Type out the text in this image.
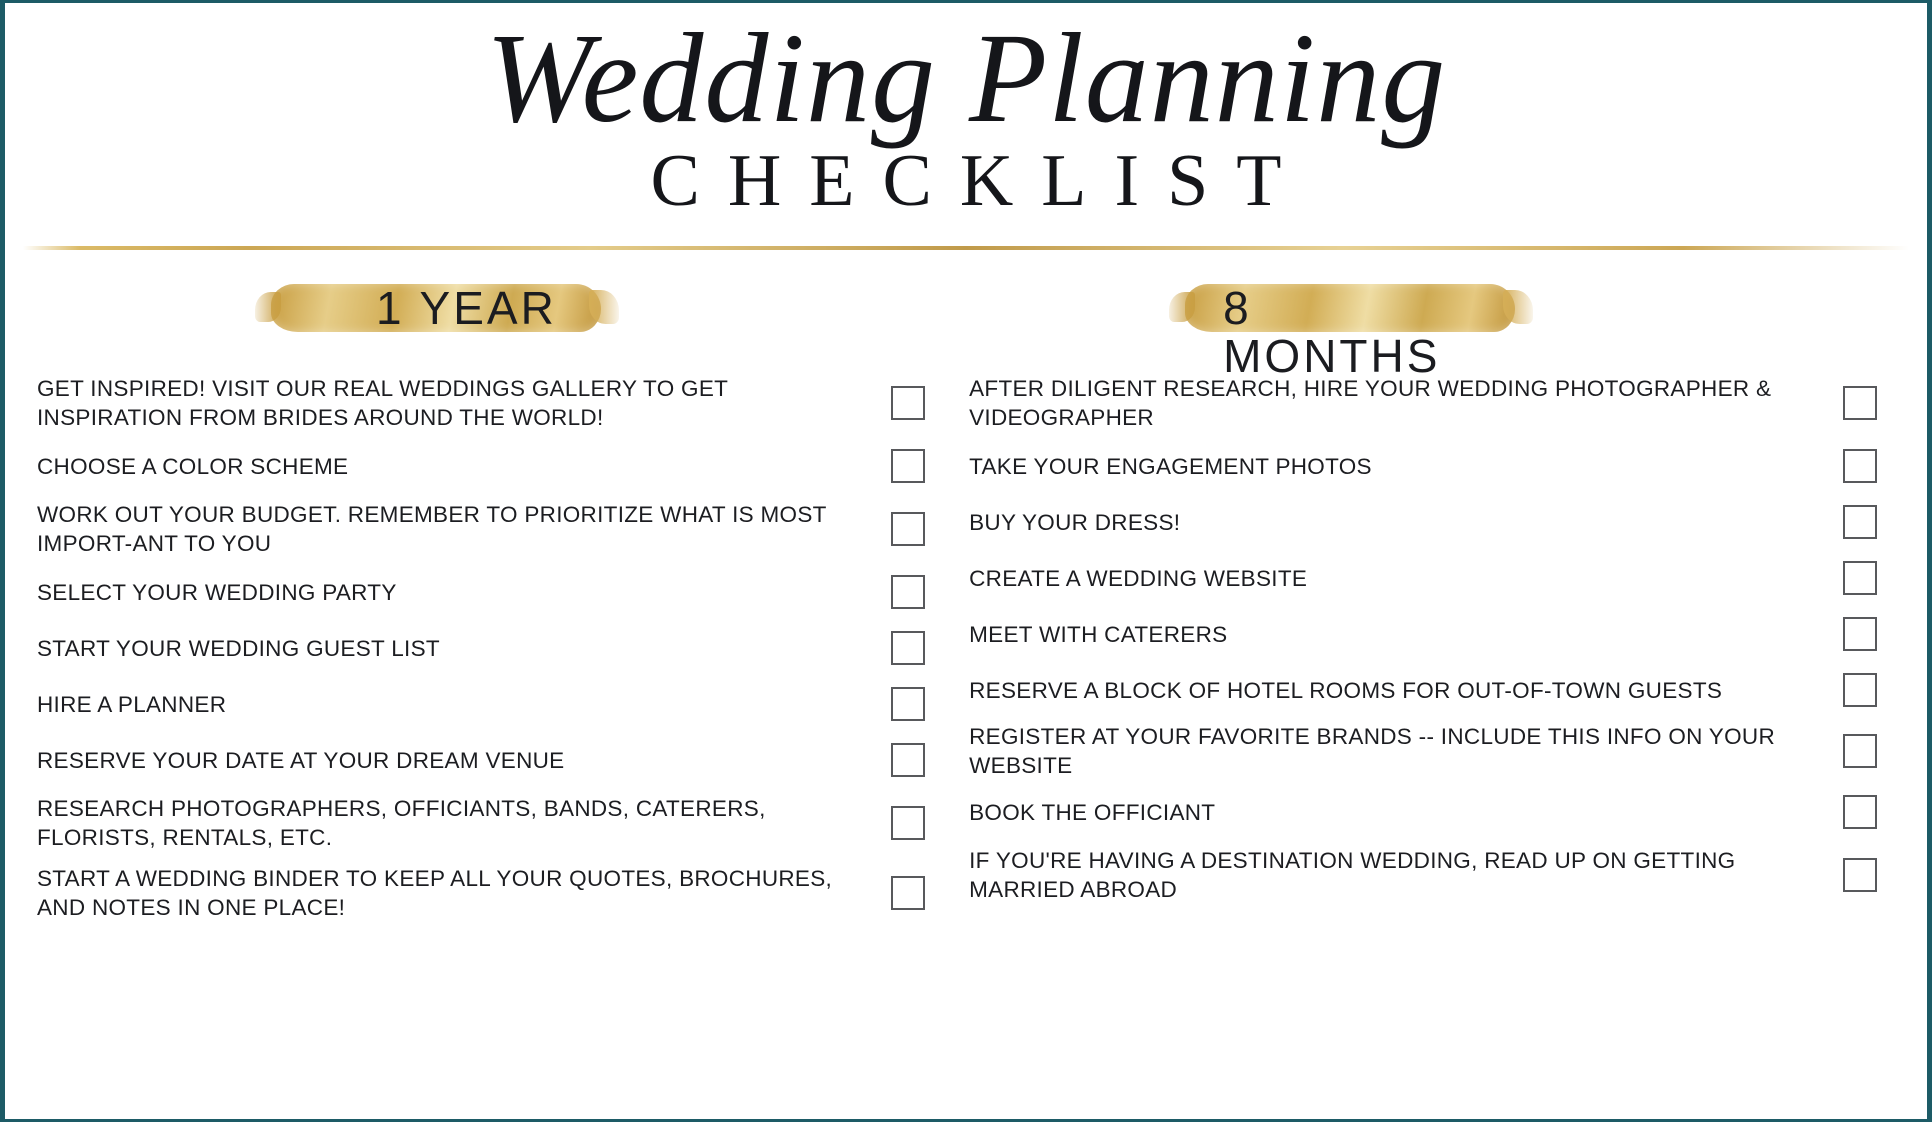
Wedding Planning
CHECKLIST
1 YEAR
GET INSPIRED! VISIT OUR REAL WEDDINGS GALLERY TO GET INSPIRATION FROM BRIDES AROUND THE WORLD!
CHOOSE A COLOR SCHEME
WORK OUT YOUR BUDGET. REMEMBER TO PRIORITIZE WHAT IS MOST IMPORT-ANT TO YOU
SELECT YOUR WEDDING PARTY
START YOUR WEDDING GUEST LIST
HIRE A PLANNER
RESERVE YOUR DATE AT YOUR DREAM VENUE
RESEARCH PHOTOGRAPHERS, OFFICIANTS, BANDS, CATERERS, FLORISTS, RENTALS, ETC.
START A WEDDING BINDER TO KEEP ALL YOUR QUOTES, BROCHURES, AND NOTES IN ONE PLACE!
8 MONTHS
AFTER DILIGENT RESEARCH, HIRE YOUR WEDDING PHOTOGRAPHER & VIDEOGRAPHER
TAKE YOUR ENGAGEMENT PHOTOS
BUY YOUR DRESS!
CREATE A WEDDING WEBSITE
MEET WITH CATERERS
RESERVE A BLOCK OF HOTEL ROOMS FOR OUT-OF-TOWN GUESTS
REGISTER AT YOUR FAVORITE BRANDS -- INCLUDE THIS INFO ON YOUR WEBSITE
BOOK THE OFFICIANT
IF YOU'RE HAVING A DESTINATION WEDDING, READ UP ON GETTING MARRIED ABROAD
